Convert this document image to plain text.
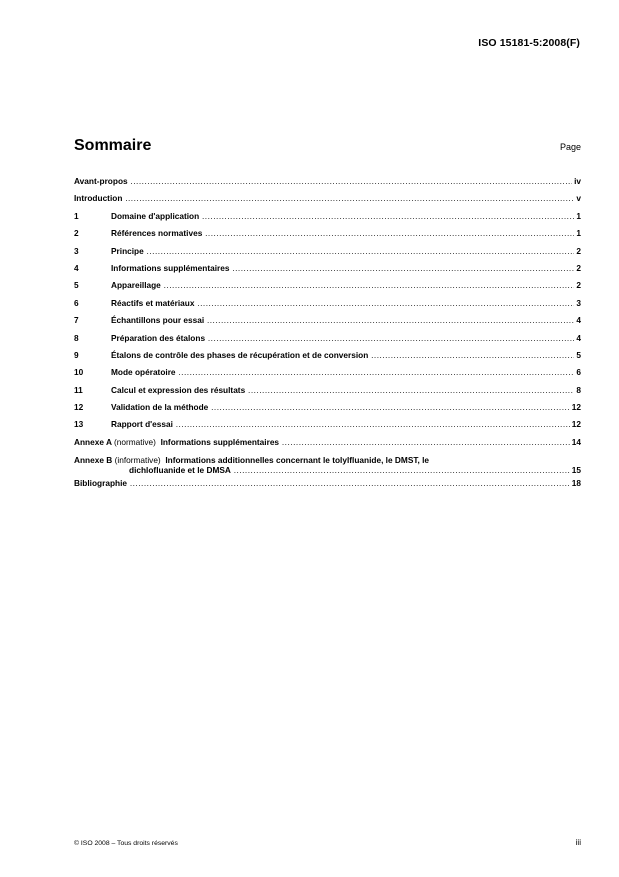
ISO 15181-5:2008(F)
Sommaire	Page
Avant-propos .....	iv
Introduction .....	v
1	Domaine d'application .....	1
2	Références normatives .....	1
3	Principe .....	2
4	Informations supplémentaires .....	2
5	Appareillage .....	2
6	Réactifs et matériaux .....	3
7	Échantillons pour essai .....	4
8	Préparation des étalons .....	4
9	Étalons de contrôle des phases de récupération et de conversion .....	5
10	Mode opératoire .....	6
11	Calcul et expression des résultats .....	8
12	Validation de la méthode .....	12
13	Rapport d'essai .....	12
Annexe A (normative) Informations supplémentaires .....	14
Annexe B (informative) Informations additionnelles concernant le tolylfluanide, le DMST, le
dichlofluanide et le DMSA .....	15
Bibliographie .....	18
© ISO 2008 – Tous droits réservés	iii
